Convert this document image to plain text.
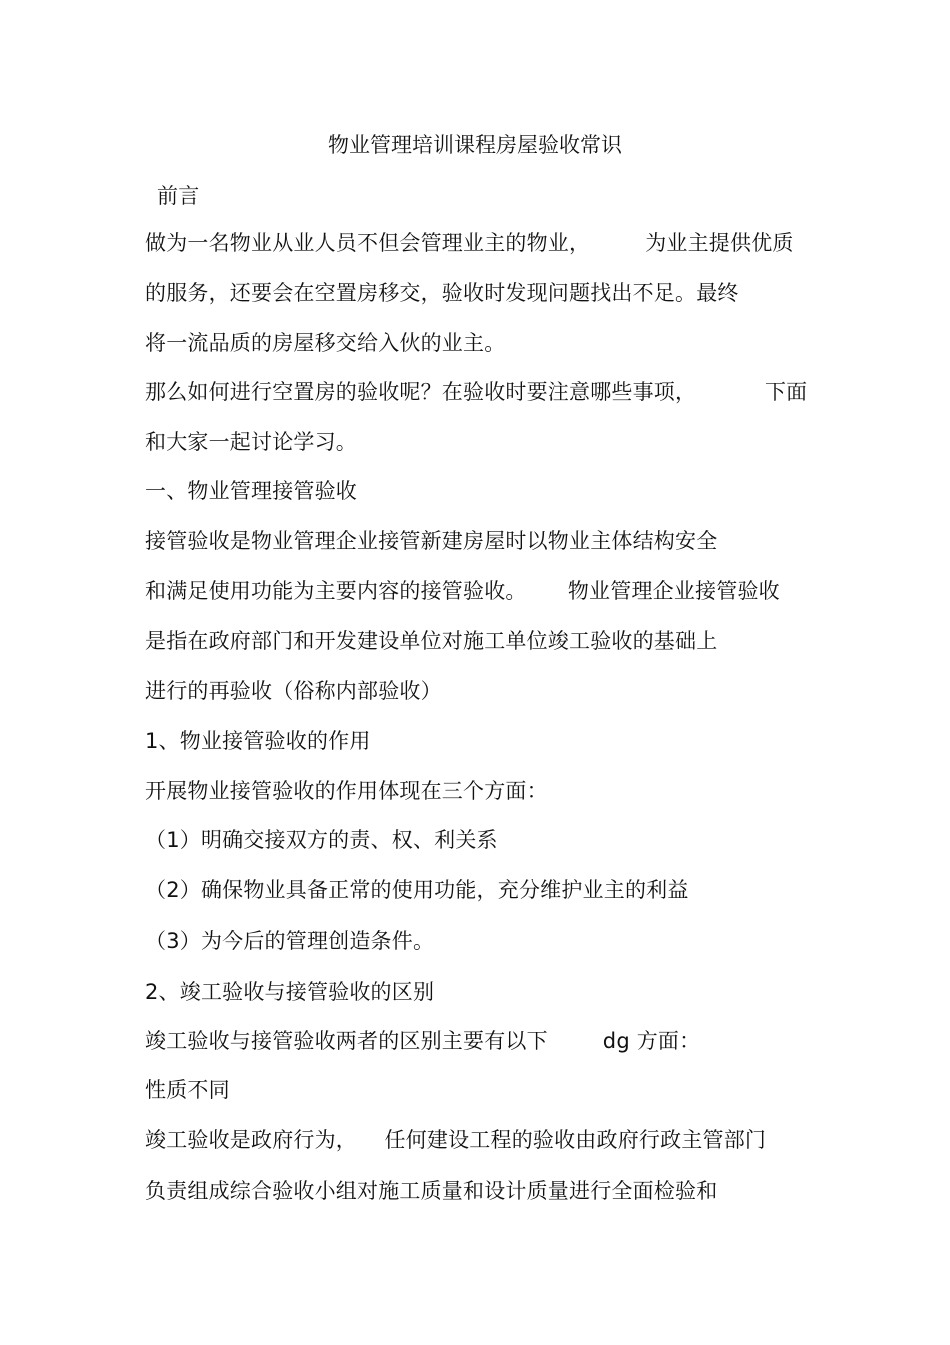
物业管理培训课程房屋验收常识
前言
做为一名物业从业人员不但会管理业主的物业，        为业主提供优质
的服务，还要会在空置房移交，验收时发现问题找出不足。最终
将一流品质的房屋移交给入伙的业主。
那么如何进行空置房的验收呢？在验收时要注意哪些事项，          下面
和大家一起讨论学习。
一、物业管理接管验收
接管验收是物业管理企业接管新建房屋时以物业主体结构安全
和满足使用功能为主要内容的接管验收。      物业管理企业接管验收
是指在政府部门和开发建设单位对施工单位竣工验收的基础上
进行的再验收（俗称内部验收）
1、物业接管验收的作用
开展物业接管验收的作用体现在三个方面：
（1）明确交接双方的责、权、利关系
（2）确保物业具备正常的使用功能，充分维护业主的利益
（3）为今后的管理创造条件。
2、竣工验收与接管验收的区别
竣工验收与接管验收两者的区别主要有以下        dg 方面：
性质不同
竣工验收是政府行为，    任何建设工程的验收由政府行政主管部门
负责组成综合验收小组对施工质量和设计质量进行全面检验和
